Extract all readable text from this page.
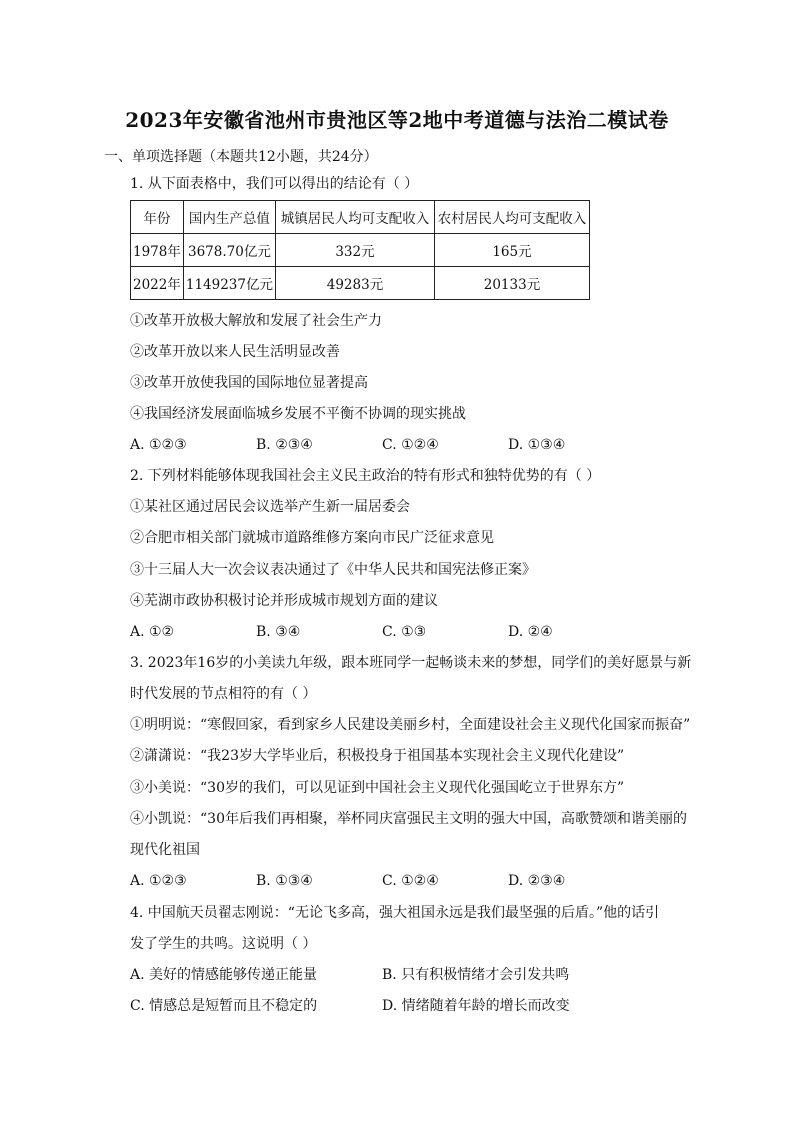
2023年安徽省池州市贵池区等2地中考道德与法治二模试卷
一、单项选择题（本题共12小题，共24分）
1. 从下面表格中，我们可以得出的结论有（ ）
年份	国内生产总值	城镇居民人均可支配收入	农村居民人均可支配收入
1978年	3678.70亿元	332元	165元
2022年	1149237亿元	49283元	20133元
①改革开放极大解放和发展了社会生产力
②改革开放以来人民生活明显改善
③改革开放使我国的国际地位显著提高
④我国经济发展面临城乡发展不平衡不协调的现实挑战
A. ①②③	B. ②③④	C. ①②④	D. ①③④
2. 下列材料能够体现我国社会主义民主政治的特有形式和独特优势的有（ ）
①某社区通过居民会议选举产生新一届居委会
②合肥市相关部门就城市道路维修方案向市民广泛征求意见
③十三届人大一次会议表决通过了《中华人民共和国宪法修正案》
④芜湖市政协积极讨论并形成城市规划方面的建议
A. ①②	B. ③④	C. ①③	D. ②④
3. 2023年16岁的小美读九年级，跟本班同学一起畅谈未来的梦想，同学们的美好愿景与新
时代发展的节点相符的有（ ）
①明明说：“寒假回家，看到家乡人民建设美丽乡村，全面建设社会主义现代化国家而振奋”
②潇潇说：“我23岁大学毕业后，积极投身于祖国基本实现社会主义现代化建设”
③小美说：“30岁的我们，可以见证到中国社会主义现代化强国屹立于世界东方”
④小凯说：“30年后我们再相聚，举杯同庆富强民主文明的强大中国，高歌赞颂和谐美丽的
现代化祖国
A. ①②③	B. ①③④	C. ①②④	D. ②③④
4. 中国航天员翟志刚说：“无论飞多高，强大祖国永远是我们最坚强的后盾。”他的话引
发了学生的共鸣。这说明（ ）
A. 美好的情感能够传递正能量	B. 只有积极情绪才会引发共鸣
C. 情感总是短暂而且不稳定的	D. 情绪随着年龄的增长而改变
